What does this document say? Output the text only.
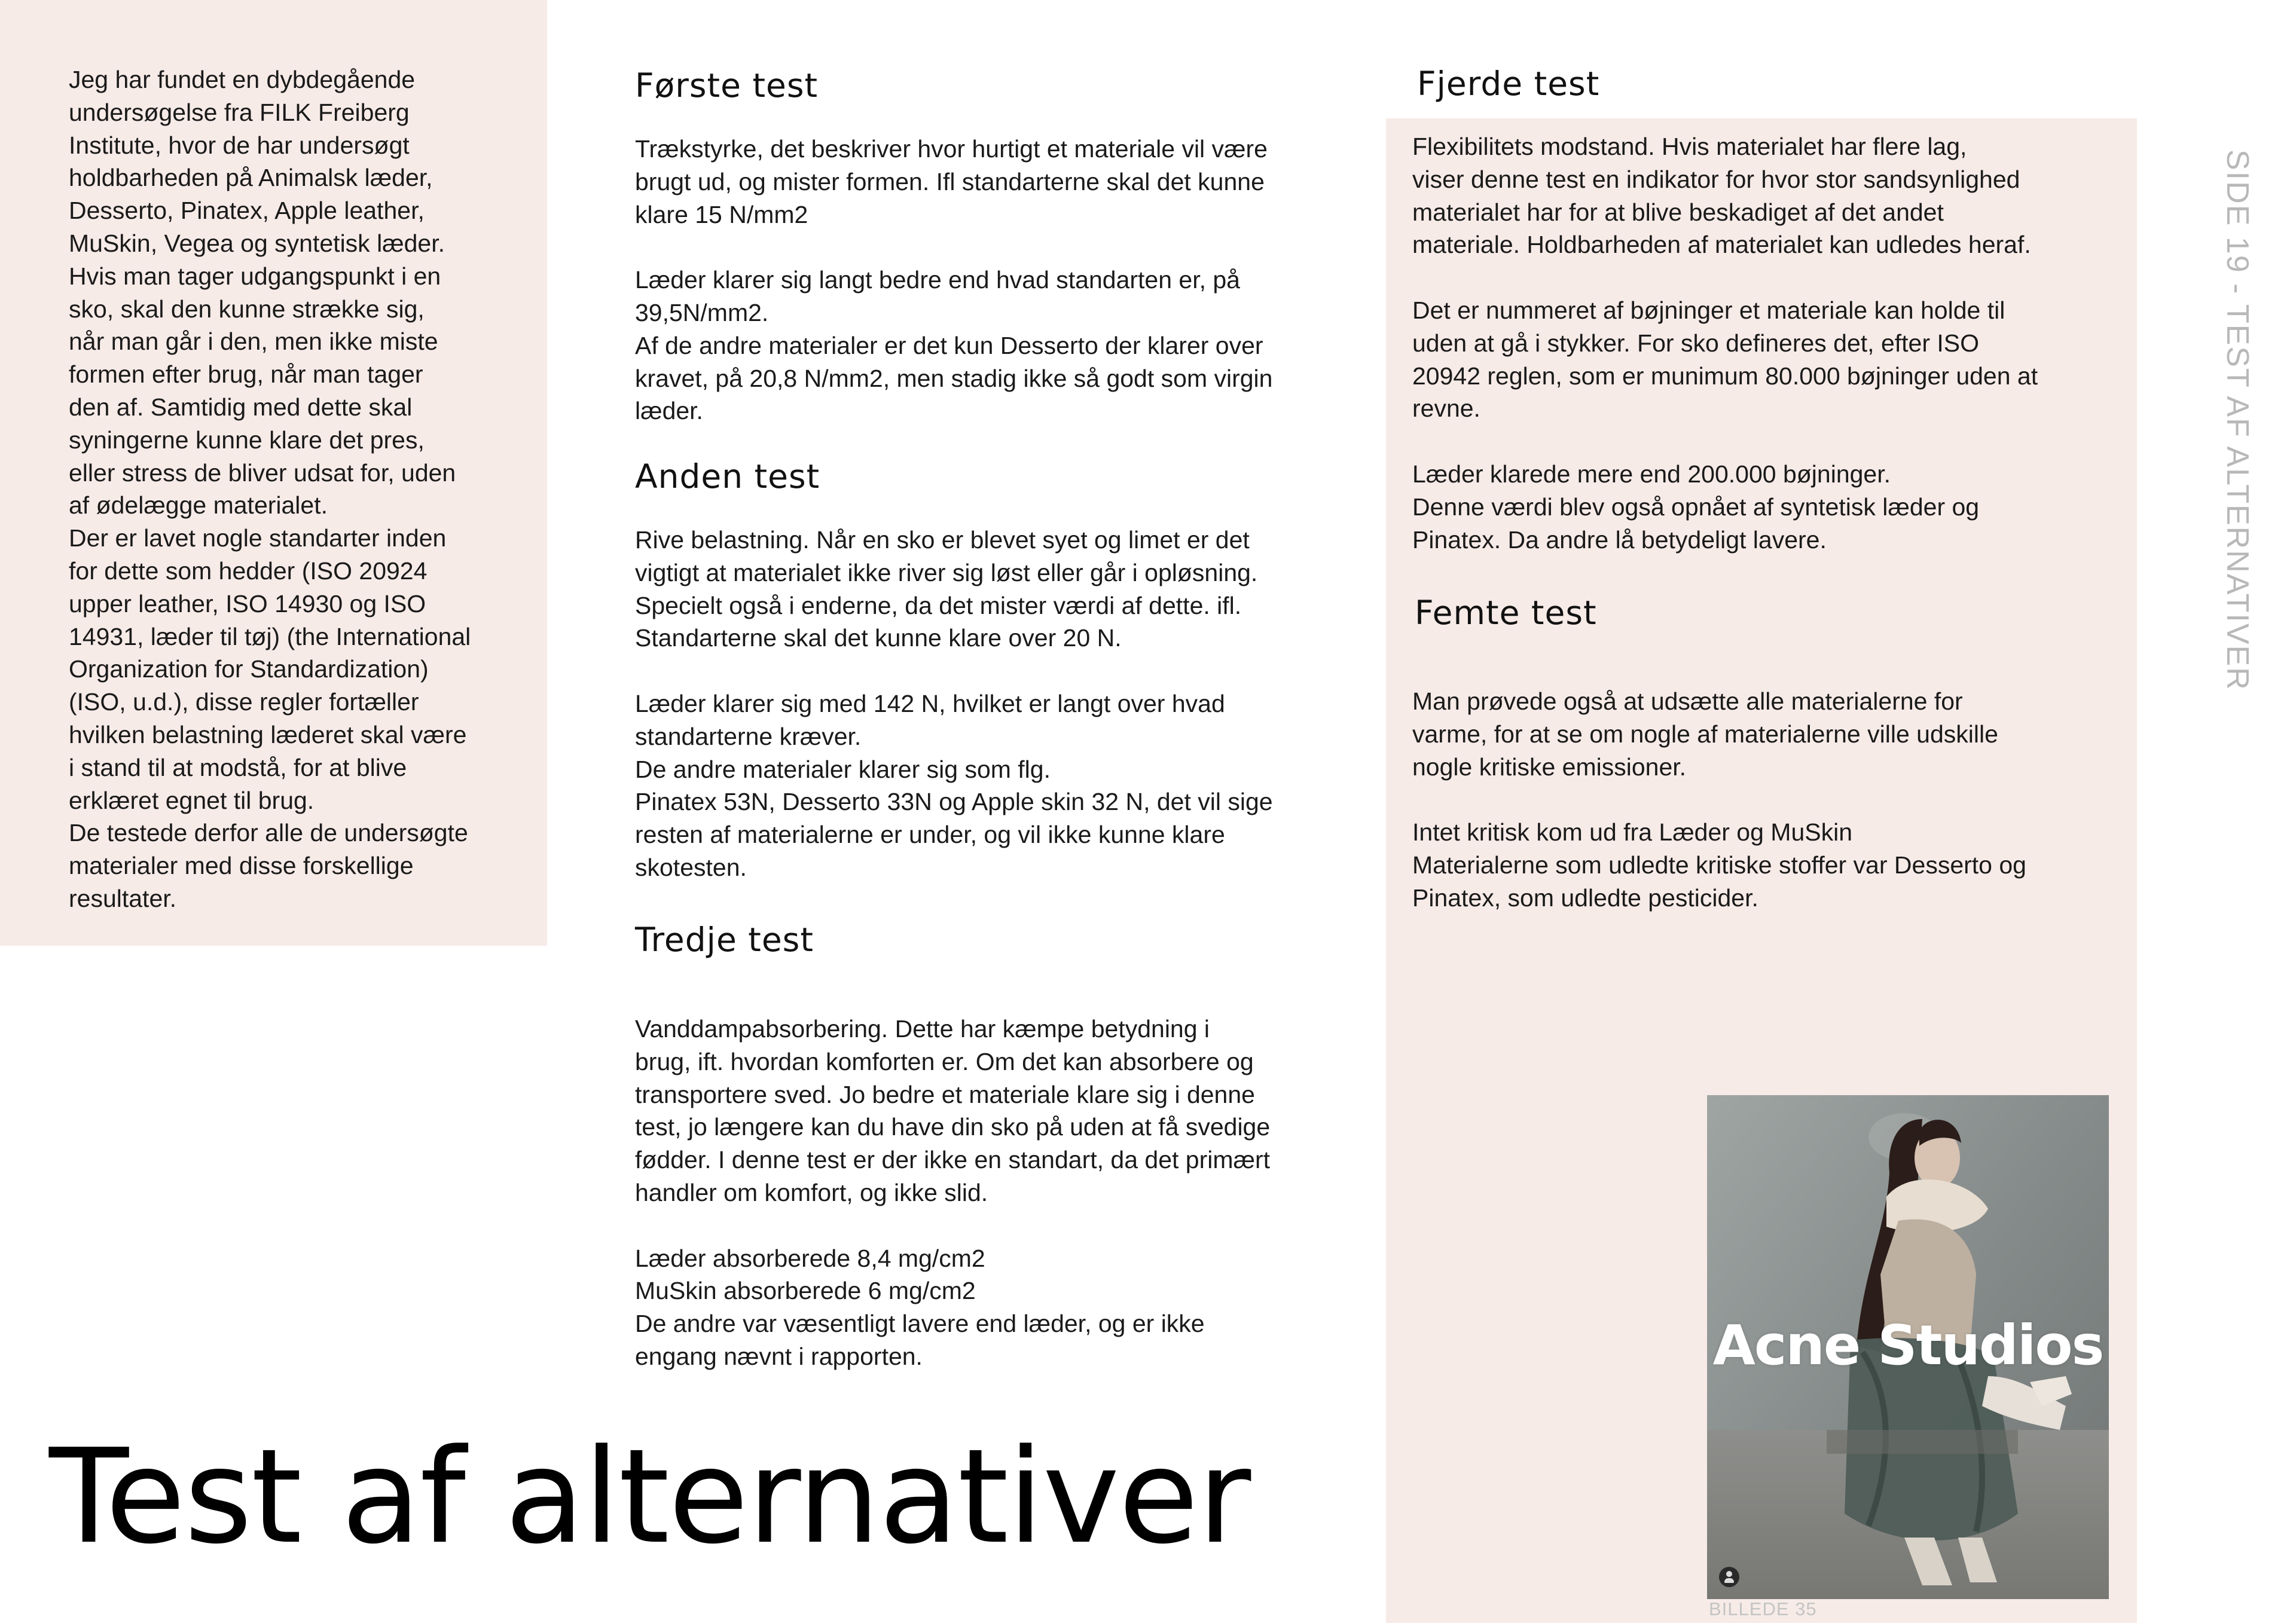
Jeg har fundet en dybdegående
undersøgelse fra FILK Freiberg
Institute, hvor de har undersøgt
holdbarheden på Animalsk læder,
Desserto, Pinatex, Apple leather,
MuSkin, Vegea og syntetisk læder.
Hvis man tager udgangspunkt i en
sko, skal den kunne strække sig,
når man går i den, men ikke miste
formen efter brug, når man tager
den af. Samtidig med dette skal
syningerne kunne klare det pres,
eller stress de bliver udsat for, uden
af ødelægge materialet.
Der er lavet nogle standarter inden
for dette som hedder (ISO 20924
upper leather, ISO 14930 og ISO
14931, læder til tøj) (the International
Organization for Standardization)
(ISO, u.d.), disse regler fortæller
hvilken belastning læderet skal være
i stand til at modstå, for at blive
erklæret egnet til brug.
De testede derfor alle de undersøgte
materialer med disse forskellige
resultater.

Første test

Trækstyrke, det beskriver hvor hurtigt et materiale vil være
brugt ud, og mister formen. Ifl standarterne skal det kunne
klare 15 N/mm2

Læder klarer sig langt bedre end hvad standarten er, på
39,5N/mm2.
Af de andre materialer er det kun Desserto der klarer over
kravet, på 20,8 N/mm2, men stadig ikke så godt som virgin
læder.

Anden test

Rive belastning. Når en sko er blevet syet og limet er det
vigtigt at materialet ikke river sig løst eller går i opløsning.
Specielt også i enderne, da det mister værdi af dette. ifl.
Standarterne skal det kunne klare over 20 N.

Læder klarer sig med 142 N, hvilket er langt over hvad
standarterne kræver.
De andre materialer klarer sig som flg.
Pinatex 53N, Desserto 33N og Apple skin 32 N, det vil sige
resten af materialerne er under, og vil ikke kunne klare
skotesten.

Tredje test

Vanddampabsorbering. Dette har kæmpe betydning i
brug, ift. hvordan komforten er. Om det kan absorbere og
transportere sved. Jo bedre et materiale klare sig i denne
test, jo længere kan du have din sko på uden at få svedige
fødder. I denne test er der ikke en standart, da det primært
handler om komfort, og ikke slid.

Læder absorberede 8,4 mg/cm2
MuSkin absorberede 6 mg/cm2
De andre var væsentligt lavere end læder, og er ikke
engang nævnt i rapporten.

Fjerde test

Flexibilitets modstand. Hvis materialet har flere lag,
viser denne test en indikator for hvor stor sandsynlighed
materialet har for at blive beskadiget af det andet
materiale. Holdbarheden af materialet kan udledes heraf.

Det er nummeret af bøjninger et materiale kan holde til
uden at gå i stykker. For sko defineres det, efter ISO
20942 reglen, som er munimum 80.000 bøjninger uden at
revne.

Læder klarede mere end 200.000 bøjninger.
Denne værdi blev også opnået af syntetisk læder og
Pinatex. Da andre lå betydeligt lavere.

Femte test

Man prøvede også at udsætte alle materialerne for
varme, for at se om nogle af materialerne ville udskille
nogle kritiske emissioner.

Intet kritisk kom ud fra Læder og MuSkin
Materialerne som udledte kritiske stoffer var Desserto og
Pinatex, som udledte pesticider.

Test af alternativer
SIDE 19 - TEST AF ALTERNATIVER
Acne Studios
BILLEDE 35
